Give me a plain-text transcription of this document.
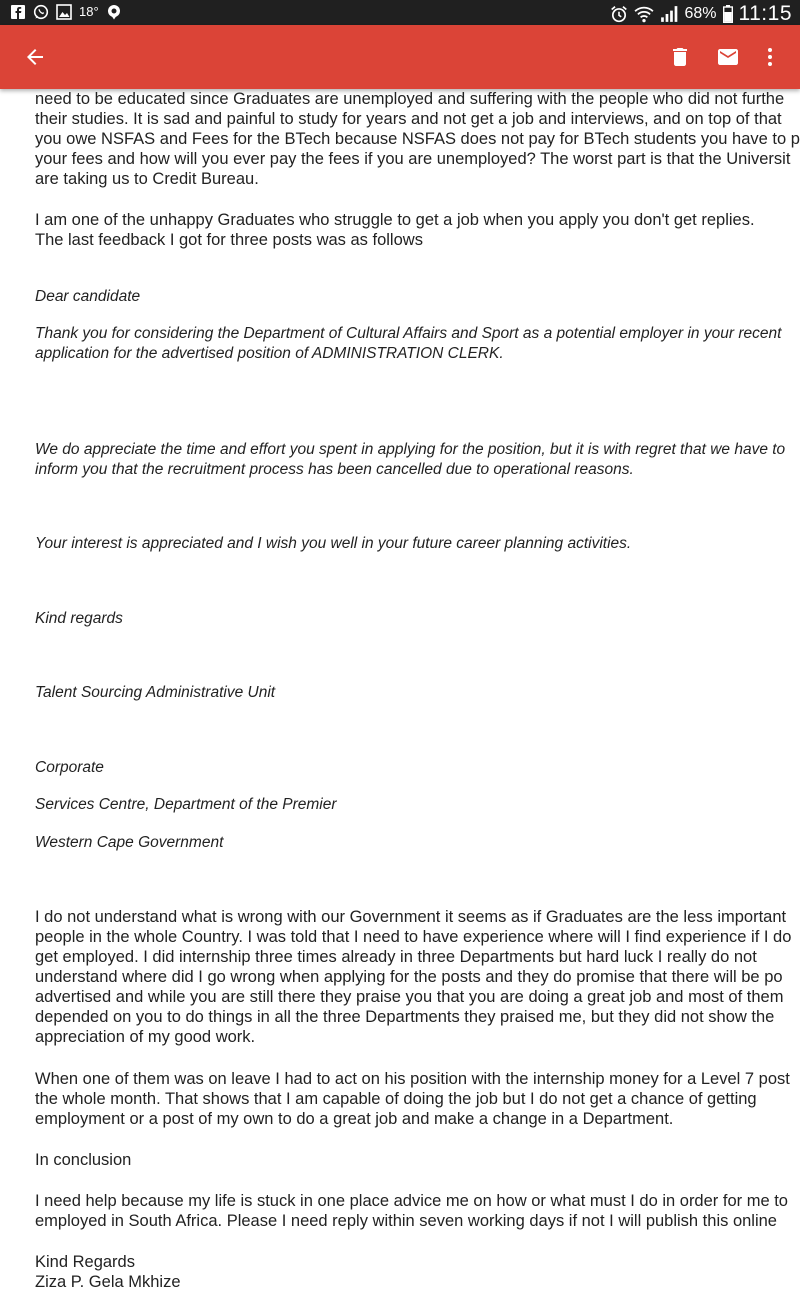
18°	68% 11:15
need to be educated since Graduates are unemployed and suffering with the people who did not furthe
their studies. It is sad and painful to study for years and not get a job and interviews, and on top of that
you owe NSFAS and Fees for the BTech because NSFAS does not pay for BTech students you have to p
your fees and how will you ever pay the fees if you are unemployed? The worst part is that the Universit
are taking us to Credit Bureau.
I am one of the unhappy Graduates who struggle to get a job when you apply you don't get replies.
The last feedback I got for three posts was as follows
Dear candidate
Thank you for considering the Department of Cultural Affairs and Sport as a potential employer in your recent
application for the advertised position of ADMINISTRATION CLERK.
We do appreciate the time and effort you spent in applying for the position, but it is with regret that we have to
inform you that the recruitment process has been cancelled due to operational reasons.
Your interest is appreciated and I wish you well in your future career planning activities.
Kind regards
Talent Sourcing Administrative Unit
Corporate
Services Centre, Department of the Premier
Western Cape Government
I do not understand what is wrong with our Government it seems as if Graduates are the less important
people in the whole Country. I was told that I need to have experience where will I find experience if I do
get employed. I did internship three times already in three Departments but hard luck I really do not
understand where did I go wrong when applying for the posts and they do promise that there will be po
advertised and while you are still there they praise you that you are doing a great job and most of them
depended on you to do things in all the three Departments they praised me, but they did not show the
appreciation of my good work.
When one of them was on leave I had to act on his position with the internship money for a Level 7 post
the whole month. That shows that I am capable of doing the job but I do not get a chance of getting
employment or a post of my own to do a great job and make a change in a Department.
In conclusion
I need help because my life is stuck in one place advice me on how or what must I do in order for me to
employed in South Africa. Please I need reply within seven working days if not I will publish this online
Kind Regards
Ziza P. Gela Mkhize
